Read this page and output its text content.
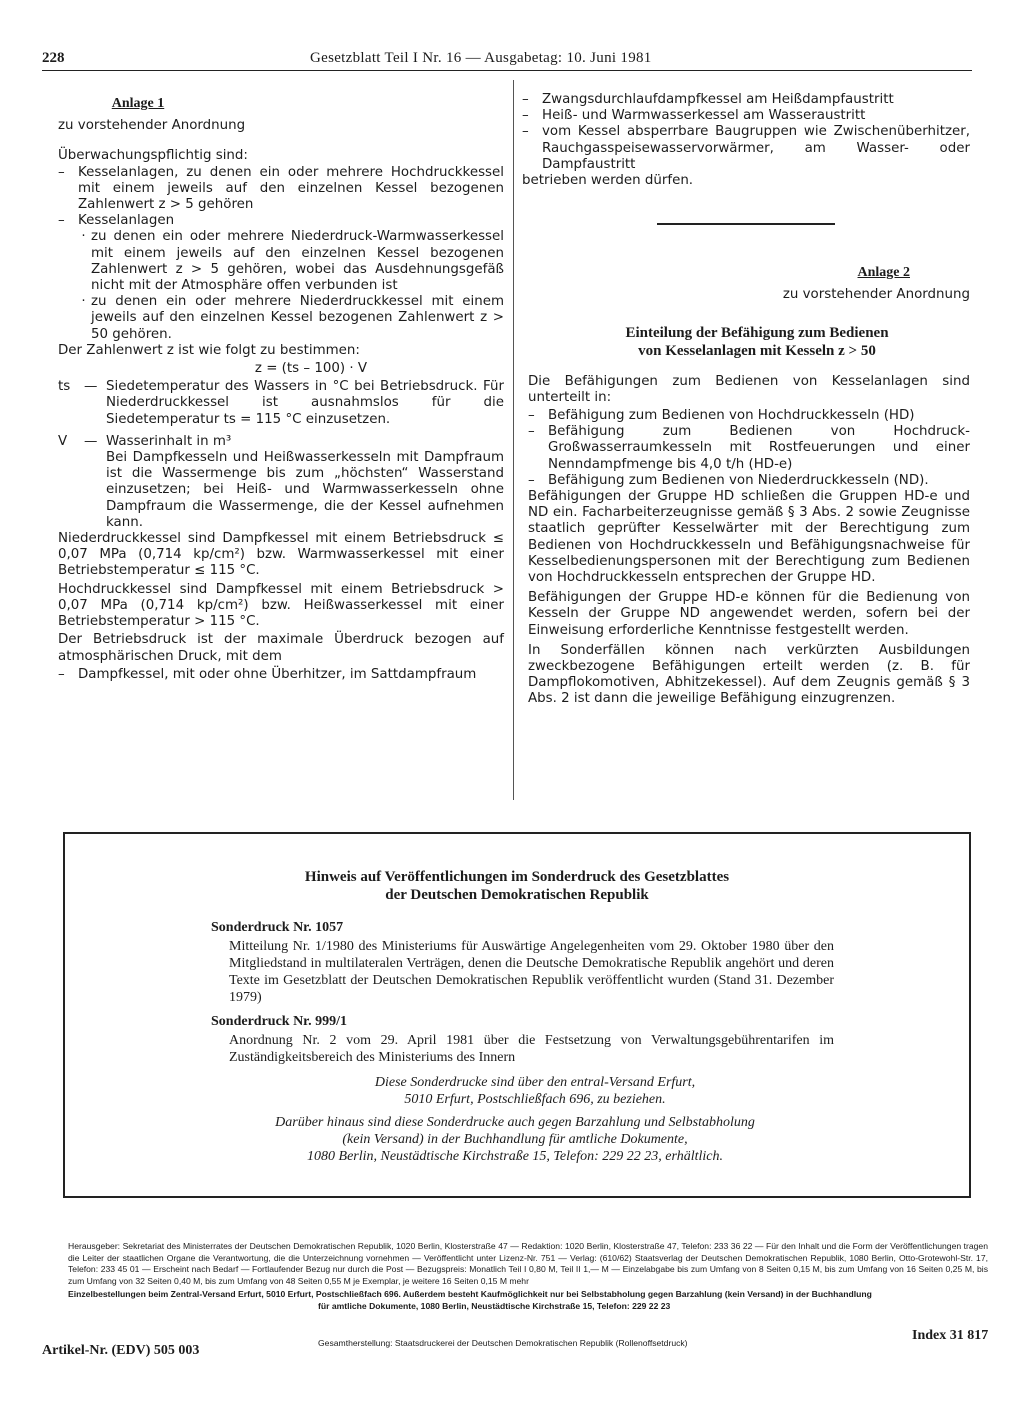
228	Gesetzblatt Teil I Nr. 16 — Ausgabetag: 10. Juni 1981
Anlage 1
zu vorstehender Anordnung
Überwachungspflichtig sind:
– Kesselanlagen, zu denen ein oder mehrere Hochdruckkessel mit einem jeweils auf den einzelnen Kessel bezogenen Zahlenwert z > 5 gehören
– Kesselanlagen
· zu denen ein oder mehrere Niederdruck-Warmwasserkessel mit einem jeweils auf den einzelnen Kessel bezogenen Zahlenwert z > 5 gehören, wobei das Ausdehnungsgefäß nicht mit der Atmosphäre offen verbunden ist
· zu denen ein oder mehrere Niederdruckkessel mit einem jeweils auf den einzelnen Kessel bezogenen Zahlenwert z > 50 gehören.

Der Zahlenwert z ist wie folgt zu bestimmen:

z = (ts – 100) · V
ts	— Siedetemperatur des Wassers in °C bei Betriebsdruck. Für Niederdruckkessel ist ausnahmslos für die Siedetemperatur ts = 115 °C einzusetzen.
V	— Wasserinhalt in m³
Bei Dampfkesseln und Heißwasserkesseln mit Dampfraum ist die Wassermenge bis zum „höchsten“ Wasserstand einzusetzen; bei Heiß- und Warmwasserkesseln ohne Dampfraum die Wassermenge, die der Kessel aufnehmen kann.

Niederdruckkessel sind Dampfkessel mit einem Betriebsdruck ≤ 0,07 MPa (0,714 kp/cm²) bzw. Warmwasserkessel mit einer Betriebstemperatur ≤ 115 °C.

Hochdruckkessel sind Dampfkessel mit einem Betriebsdruck > 0,07 MPa (0,714 kp/cm²) bzw. Heißwasserkessel mit einer Betriebstemperatur > 115 °C.

Der Betriebsdruck ist der maximale Überdruck bezogen auf atmosphärischen Druck, mit dem

– Dampfkessel, mit oder ohne Überhitzer, im Sattdampfraum
– Zwangsdurchlaufdampfkessel am Heißdampfaustritt
– Heiß- und Warmwasserkessel am Wasseraustritt
– vom Kessel absperrbare Baugruppen wie Zwischenüberhitzer, Rauchgasspeisewasservorwärmer, am Wasser- oder Dampfaustritt

betrieben werden dürfen.

Anlage 2
zu vorstehender Anordnung
Einteilung der Befähigung zum Bedienen
von Kesselanlagen mit Kesseln z > 50

Die Befähigungen zum Bedienen von Kesselanlagen sind unterteilt in:

– Befähigung zum Bedienen von Hochdruckkesseln (HD)
– Befähigung zum Bedienen von Hochdruck-Großwasserraumkesseln mit Rostfeuerungen und einer Nenndampfmenge bis 4,0 t/h (HD-e)
– Befähigung zum Bedienen von Niederdruckkesseln (ND).

Befähigungen der Gruppe HD schließen die Gruppen HD-e und ND ein. Facharbeiterzeugnisse gemäß § 3 Abs. 2 sowie Zeugnisse staatlich geprüfter Kesselwärter mit der Berechtigung zum Bedienen von Hochdruckkesseln und Befähigungsnachweise für Kesselbedienungspersonen mit der Berechtigung zum Bedienen von Hochdruckkesseln entsprechen der Gruppe HD.

Befähigungen der Gruppe HD-e können für die Bedienung von Kesseln der Gruppe ND angewendet werden, sofern bei der Einweisung erforderliche Kenntnisse festgestellt werden.

In Sonderfällen können nach verkürzten Ausbildungen zweckbezogene Befähigungen erteilt werden (z. B. für Dampflokomotiven, Abhitzekessel). Auf dem Zeugnis gemäß § 3 Abs. 2 ist dann die jeweilige Befähigung einzugrenzen.

Hinweis auf Veröffentlichungen im Sonderdruck des Gesetzblattes
der Deutschen Demokratischen Republik
Sonderdruck Nr. 1057
Mitteilung Nr. 1/1980 des Ministeriums für Auswärtige Angelegenheiten vom 29. Oktober 1980 über den Mitgliedstand in multilateralen Verträgen, denen die Deutsche Demokratische Republik angehört und deren Texte im Gesetzblatt der Deutschen Demokratischen Republik veröffentlicht wurden (Stand 31. Dezember 1979)
Sonderdruck Nr. 999/1
Anordnung Nr. 2 vom 29. April 1981 über die Festsetzung von Verwaltungsgebührentarifen im Zuständigkeitsbereich des Ministeriums des Innern
Diese Sonderdrucke sind über den entral-Versand Erfurt,
5010 Erfurt, Postschließfach 696, zu beziehen.
Darüber hinaus sind diese Sonderdrucke auch gegen Barzahlung und Selbstabholung
(kein Versand) in der Buchhandlung für amtliche Dokumente,
1080 Berlin, Neustädtische Kirchstraße 15, Telefon: 229 22 23, erhältlich.
Herausgeber: Sekretariat des Ministerrates der Deutschen Demokratischen Republik, 1020 Berlin, Klosterstraße 47 — Redaktion: 1020 Berlin, Klosterstraße 47, Telefon: 233 36 22 — Für den Inhalt und die Form der Veröffentlichungen tragen die Leiter der staatlichen Organe die Verantwortung, die die Unterzeichnung vornehmen — Veröffentlicht unter Lizenz-Nr. 751 — Verlag: (610/62) Staatsverlag der Deutschen Demokratischen Republik, 1080 Berlin, Otto-Grotewohl-Str. 17, Telefon: 233 45 01 — Erscheint nach Bedarf — Fortlaufender Bezug nur durch die Post — Bezugspreis: Monatlich Teil I 0,80 M, Teil II 1,— M — Einzelabgabe bis zum Umfang von 8 Seiten 0,15 M, bis zum Umfang von 16 Seiten 0,25 M, bis zum Umfang von 32 Seiten 0,40 M, bis zum Umfang von 48 Seiten 0,55 M je Exemplar, je weitere 16 Seiten 0,15 M mehr
Einzelbestellungen beim Zentral-Versand Erfurt, 5010 Erfurt, Postschließfach 696. Außerdem besteht Kaufmöglichkeit nur bei Selbstabholung gegen Barzahlung (kein Versand) in der Buchhandlung
für amtliche Dokumente, 1080 Berlin, Neustädtische Kirchstraße 15, Telefon: 229 22 23
Artikel-Nr. (EDV) 505 003	Gesamtherstellung: Staatsdruckerei der Deutschen Demokratischen Republik (Rollenoffsetdruck)	Index 31 817
